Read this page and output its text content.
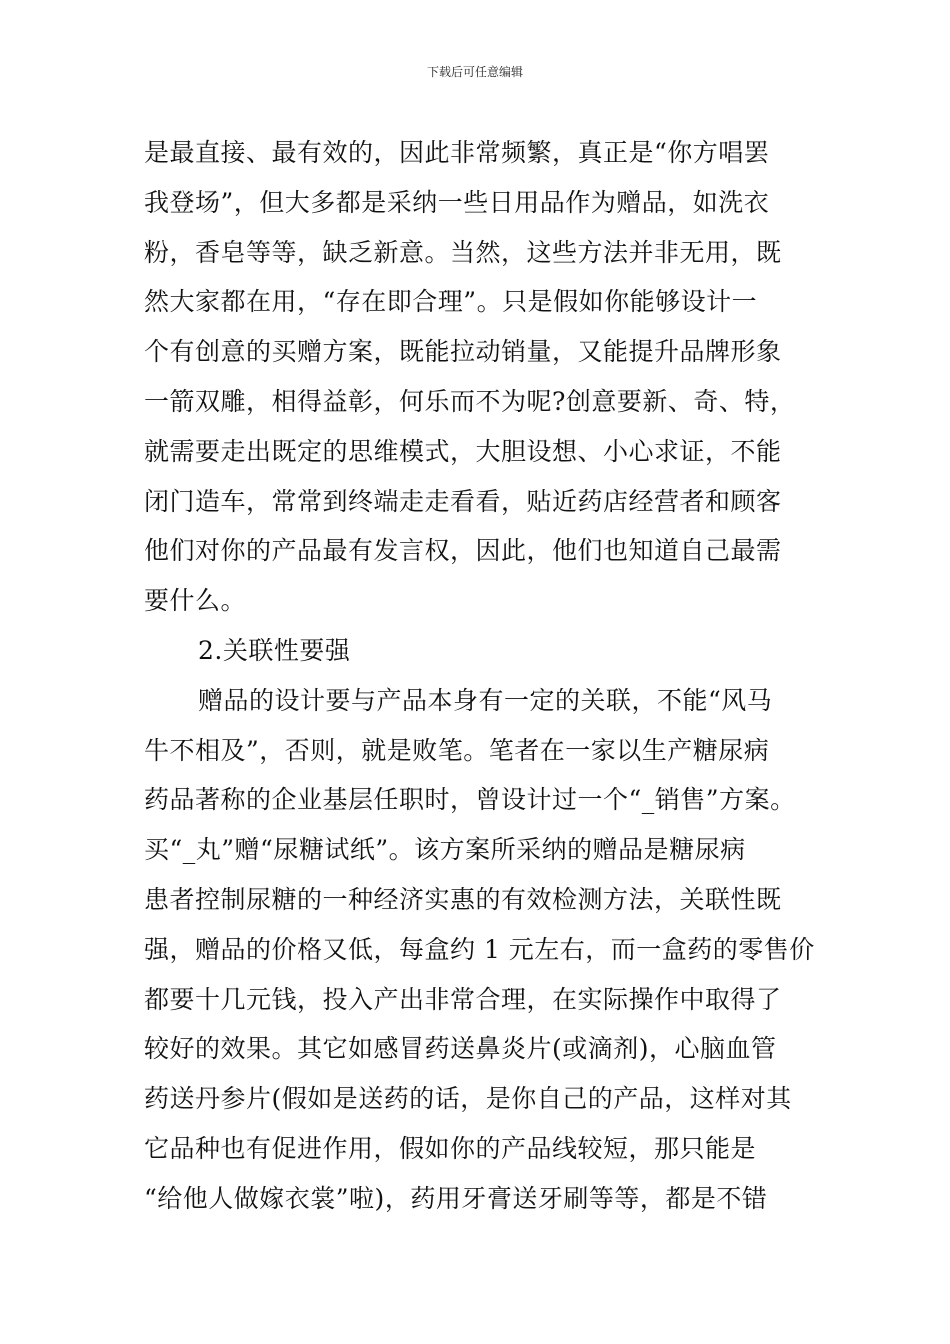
下载后可任意编辑
是最直接、最有效的，因此非常频繁，真正是“你方唱罢
我登场”，但大多都是采纳一些日用品作为赠品，如洗衣
粉，香皂等等，缺乏新意。当然，这些方法并非无用，既
然大家都在用，“存在即合理”。只是假如你能够设计一
个有创意的买赠方案，既能拉动销量，又能提升品牌形象
一箭双雕，相得益彰，何乐而不为呢?创意要新、奇、特，
就需要走出既定的思维模式，大胆设想、小心求证，不能
闭门造车，常常到终端走走看看，贴近药店经营者和顾客
他们对你的产品最有发言权，因此，他们也知道自己最需
要什么。
2.关联性要强
赠品的设计要与产品本身有一定的关联，不能“风马
牛不相及”，否则，就是败笔。笔者在一家以生产糖尿病
药品著称的企业基层任职时，曾设计过一个“_销售”方案。
买“_丸”赠“尿糖试纸”。该方案所采纳的赠品是糖尿病
患者控制尿糖的一种经济实惠的有效检测方法，关联性既
强，赠品的价格又低，每盒约 1 元左右，而一盒药的零售价
都要十几元钱，投入产出非常合理，在实际操作中取得了
较好的效果。其它如感冒药送鼻炎片(或滴剂)，心脑血管
药送丹参片(假如是送药的话，是你自己的产品，这样对其
它品种也有促进作用，假如你的产品线较短，那只能是
“给他人做嫁衣裳”啦)，药用牙膏送牙刷等等，都是不错
